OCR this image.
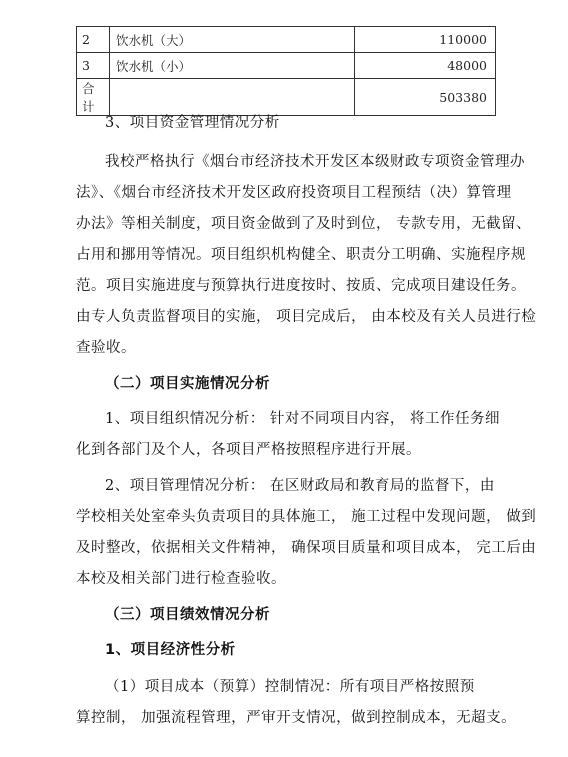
2	饮水机（大）	110000
3	饮水机（小）	48000
合计		503380
3、项目资金管理情况分析
我校严格执行《烟台市经济技术开发区本级财政专项资金管理办
法》、《烟台市经济技术开发区政府投资项目工程预结（决）算管理
办法》等相关制度，项目资金做到了及时到位， 专款专用，无截留、
占用和挪用等情况。项目组织机构健全、职责分工明确、实施程序规
范。项目实施进度与预算执行进度按时、按质、完成项目建设任务。
由专人负责监督项目的实施， 项目完成后， 由本校及有关人员进行检
查验收。
（二）项目实施情况分析
1、项目组织情况分析： 针对不同项目内容， 将工作任务细
化到各部门及个人，各项目严格按照程序进行开展。
2、项目管理情况分析： 在区财政局和教育局的监督下，由
学校相关处室牵头负责项目的具体施工， 施工过程中发现问题， 做到
及时整改，依据相关文件精神， 确保项目质量和项目成本， 完工后由
本校及相关部门进行检查验收。
（三）项目绩效情况分析
1、项目经济性分析
（1）项目成本（预算）控制情况：所有项目严格按照预
算控制， 加强流程管理，严审开支情况，做到控制成本，无超支。
